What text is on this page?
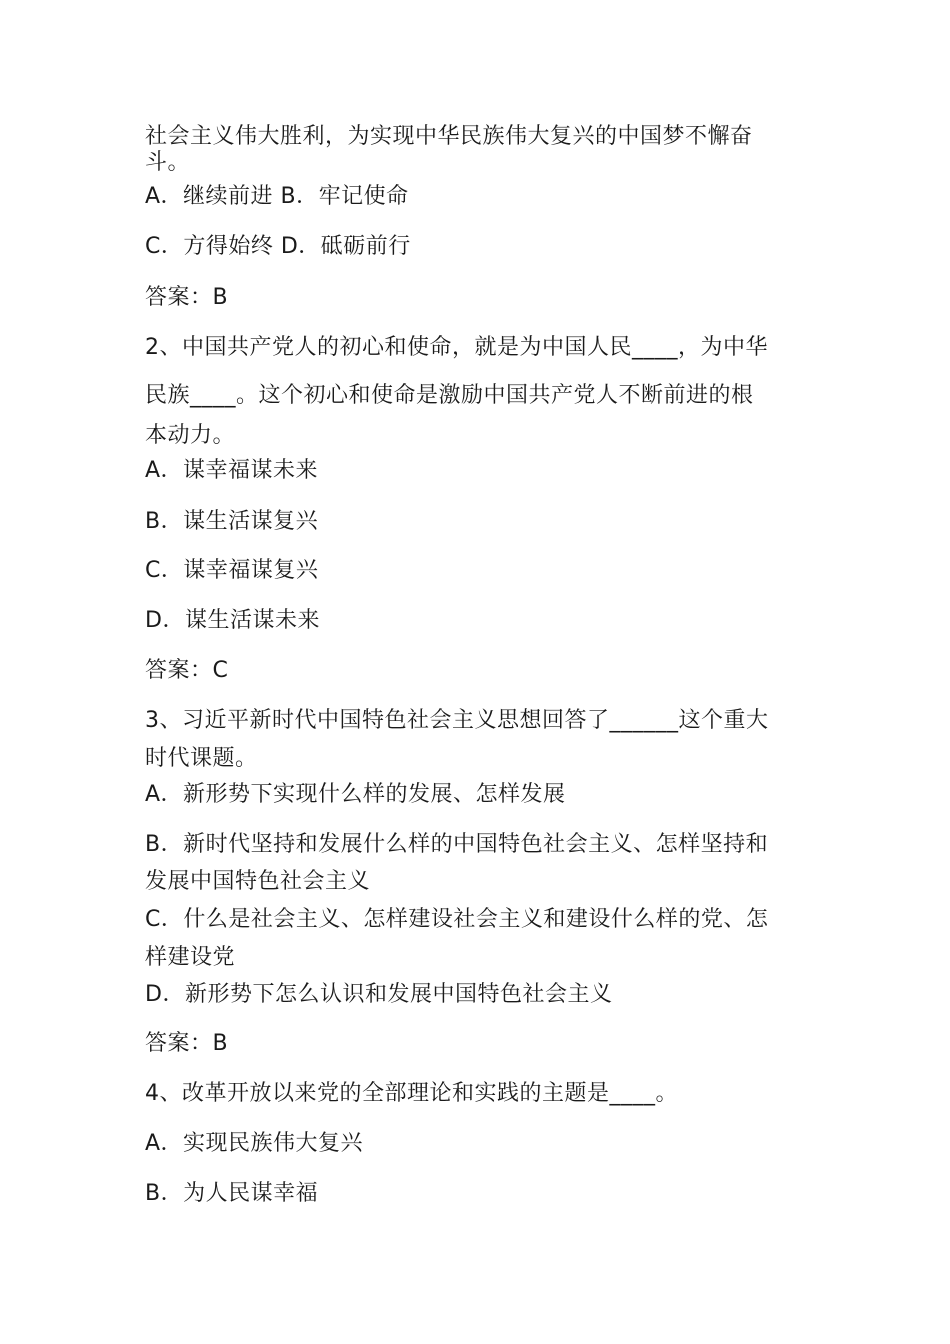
社会主义伟大胜利，为实现中华民族伟大复兴的中国梦不懈奋
斗。
A．继续前进 B．牢记使命
C．方得始终 D．砥砺前行
答案：B
2、中国共产党人的初心和使命，就是为中国人民____，为中华
民族____。这个初心和使命是激励中国共产党人不断前进的根
本动力。
A．谋幸福谋未来
B．谋生活谋复兴
C．谋幸福谋复兴
D．谋生活谋未来
答案：C
3、习近平新时代中国特色社会主义思想回答了______这个重大
时代课题。
A．新形势下实现什么样的发展、怎样发展
B．新时代坚持和发展什么样的中国特色社会主义、怎样坚持和
发展中国特色社会主义
C．什么是社会主义、怎样建设社会主义和建设什么样的党、怎
样建设党
D．新形势下怎么认识和发展中国特色社会主义
答案：B
4、改革开放以来党的全部理论和实践的主题是____。
A．实现民族伟大复兴
B．为人民谋幸福
